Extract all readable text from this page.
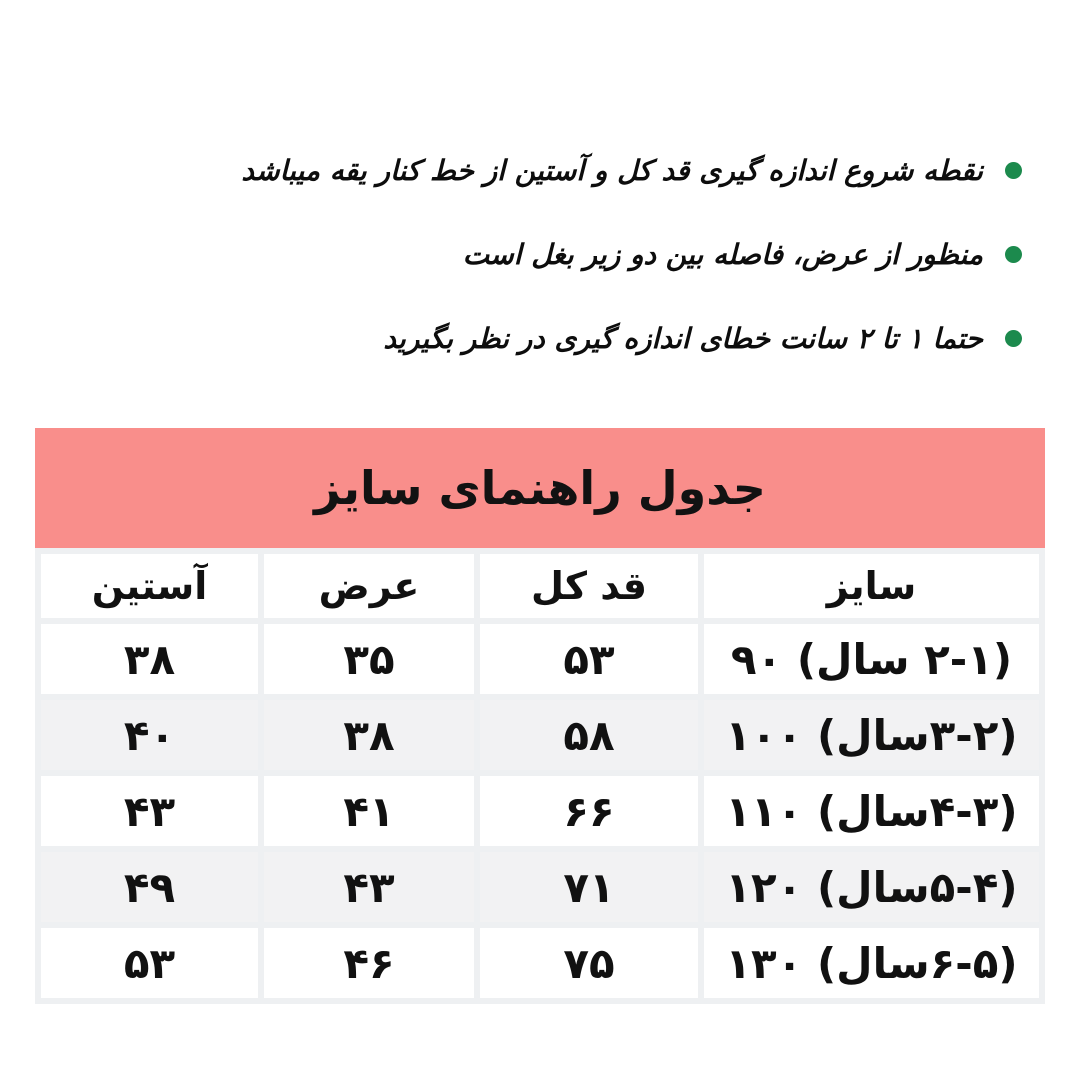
نقطه شروع اندازه گیری قد کل و آستین از خط کنار یقه میباشد
منظور از عرض، فاصله بین دو زیر بغل است
حتما ۱ تا ۲ سانت خطای اندازه گیری در نظر بگیرید
جدول راهنمای سایز
سایز	قد کل	عرض	آستین
(۲-۱ سال) ۹۰	۵۳	۳۵	۳۸
(۳-۲سال) ۱۰۰	۵۸	۳۸	۴۰
(۴-۳سال) ۱۱۰	۶۶	۴۱	۴۳
(۵-۴سال) ۱۲۰	۷۱	۴۳	۴۹
(۶-۵سال) ۱۳۰	۷۵	۴۶	۵۳
